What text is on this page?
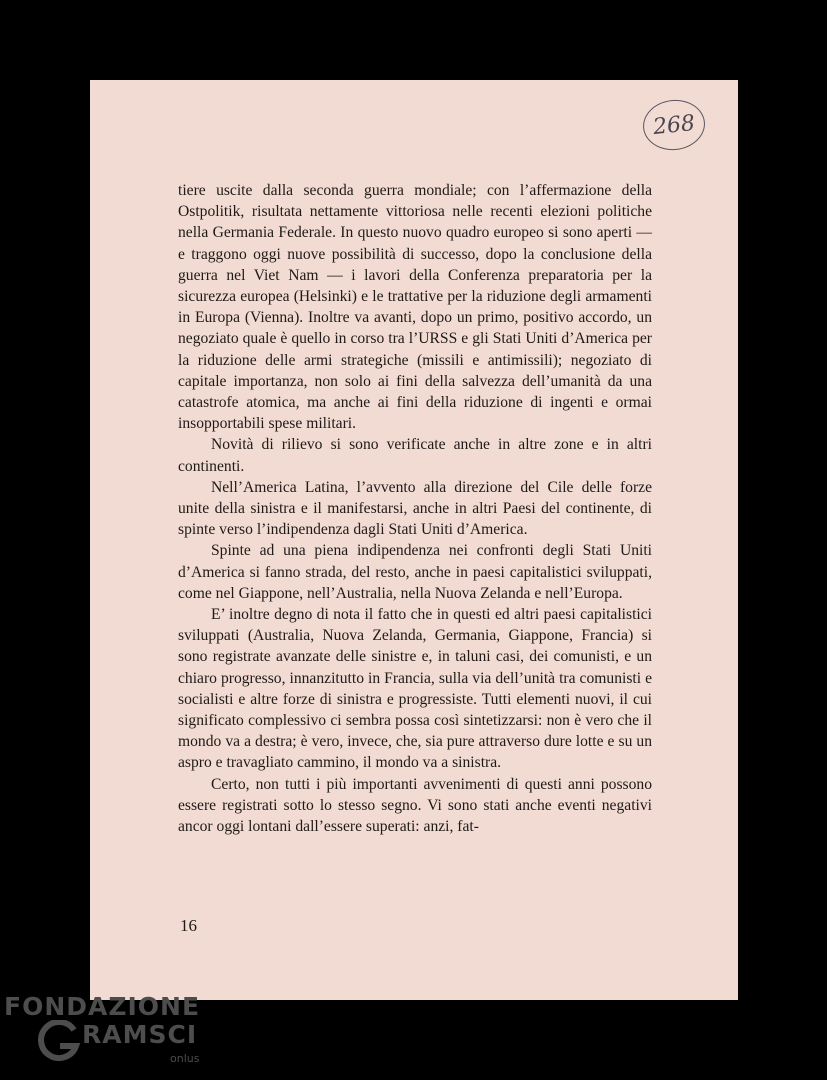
268

tiere uscite dalla seconda guerra mondiale; con l’affermazione della Ostpolitik, risultata nettamente vittoriosa nelle recenti elezioni politiche nella Germania Federale. In questo nuovo quadro europeo si sono aperti — e traggono oggi nuove possibilità di successo, dopo la conclusione della guerra nel Viet Nam — i lavori della Conferenza preparatoria per la sicurezza europea (Helsinki) e le trattative per la riduzione degli armamenti in Europa (Vienna). Inoltre va avanti, dopo un primo, positivo accordo, un negoziato quale è quello in corso tra l’URSS e gli Stati Uniti d’America per la riduzione delle armi strategiche (missili e antimissili); negoziato di capitale importanza, non solo ai fini della salvezza dell’umanità da una catastrofe atomica, ma anche ai fini della riduzione di ingenti e ormai insopportabili spese militari.

Novità di rilievo si sono verificate anche in altre zone e in altri continenti.

Nell’America Latina, l’avvento alla direzione del Cile delle forze unite della sinistra e il manifestarsi, anche in altri Paesi del continente, di spinte verso l’indipendenza dagli Stati Uniti d’America.

Spinte ad una piena indipendenza nei confronti degli Stati Uniti d’America si fanno strada, del resto, anche in paesi capitalistici sviluppati, come nel Giappone, nell’Australia, nella Nuova Zelanda e nell’Europa.

E’ inoltre degno di nota il fatto che in questi ed altri paesi capitalistici sviluppati (Australia, Nuova Zelanda, Germania, Giappone, Francia) si sono registrate avanzate delle sinistre e, in taluni casi, dei comunisti, e un chiaro progresso, innanzitutto in Francia, sulla via dell’unità tra comunisti e socialisti e altre forze di sinistra e progressiste. Tutti elementi nuovi, il cui significato complessivo ci sembra possa così sintetizzarsi: non è vero che il mondo va a destra; è vero, invece, che, sia pure attraverso dure lotte e su un aspro e travagliato cammino, il mondo va a sinistra.

Certo, non tutti i più importanti avvenimenti di questi anni possono essere registrati sotto lo stesso segno. Vi sono stati anche eventi negativi ancor oggi lontani dall’essere superati: anzi, fat-

16
FONDAZIONE
RAMSCI
onlus
